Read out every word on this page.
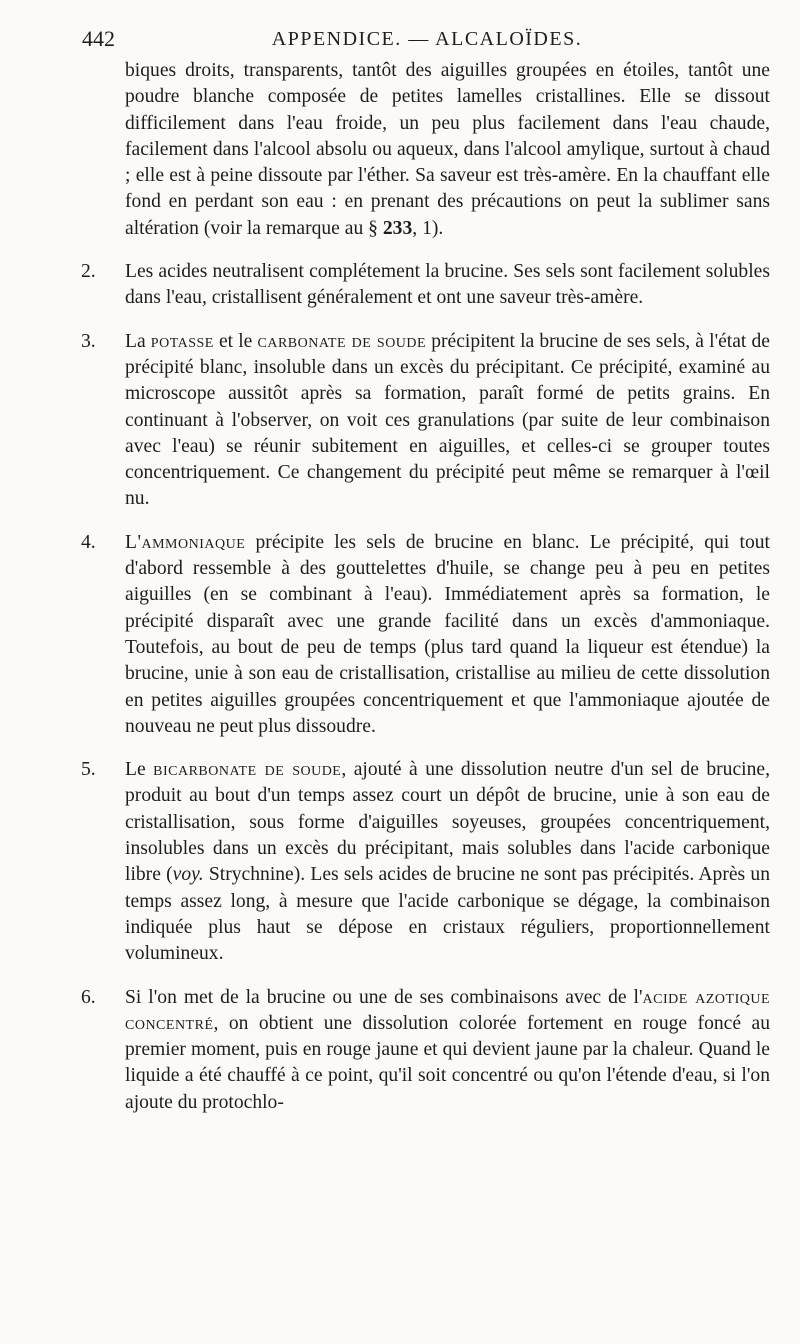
442	APPENDICE. — ALCALOÏDES.

biques droits, transparents, tantôt des aiguilles groupées en étoiles, tantôt une poudre blanche composée de petites lamelles cristallines. Elle se dissout difficilement dans l'eau froide, un peu plus facilement dans l'eau chaude, facilement dans l'alcool absolu ou aqueux, dans l'alcool amylique, surtout à chaud ; elle est à peine dissoute par l'éther. Sa saveur est très-amère. En la chauffant elle fond en perdant son eau : en prenant des précautions on peut la sublimer sans altération (voir la remarque au § 233, 1).

2. Les acides neutralisent complétement la brucine. Ses sels sont facilement solubles dans l'eau, cristallisent généralement et ont une saveur très-amère.

3. La potasse et le carbonate de soude précipitent la brucine de ses sels, à l'état de précipité blanc, insoluble dans un excès du précipitant. Ce précipité, examiné au microscope aussitôt après sa formation, paraît formé de petits grains. En continuant à l'observer, on voit ces granulations (par suite de leur combinaison avec l'eau) se réunir subitement en aiguilles, et celles-ci se grouper toutes concentriquement. Ce changement du précipité peut même se remarquer à l'œil nu.

4. L'ammoniaque précipite les sels de brucine en blanc. Le précipité, qui tout d'abord ressemble à des gouttelettes d'huile, se change peu à peu en petites aiguilles (en se combinant à l'eau). Immédiatement après sa formation, le précipité disparaît avec une grande facilité dans un excès d'ammoniaque. Toutefois, au bout de peu de temps (plus tard quand la liqueur est étendue) la brucine, unie à son eau de cristallisation, cristallise au milieu de cette dissolution en petites aiguilles groupées concentriquement et que l'ammoniaque ajoutée de nouveau ne peut plus dissoudre.

5. Le bicarbonate de soude, ajouté à une dissolution neutre d'un sel de brucine, produit au bout d'un temps assez court un dépôt de brucine, unie à son eau de cristallisation, sous forme d'aiguilles soyeuses, groupées concentriquement, insolubles dans un excès du précipitant, mais solubles dans l'acide carbonique libre (voy. Strychnine). Les sels acides de brucine ne sont pas précipités. Après un temps assez long, à mesure que l'acide carbonique se dégage, la combinaison indiquée plus haut se dépose en cristaux réguliers, proportionnellement volumineux.

6. Si l'on met de la brucine ou une de ses combinaisons avec de l'acide azotique concentré, on obtient une dissolution colorée fortement en rouge foncé au premier moment, puis en rouge jaune et qui devient jaune par la chaleur. Quand le liquide a été chauffé à ce point, qu'il soit concentré ou qu'on l'étende d'eau, si l'on ajoute du protochlo-
